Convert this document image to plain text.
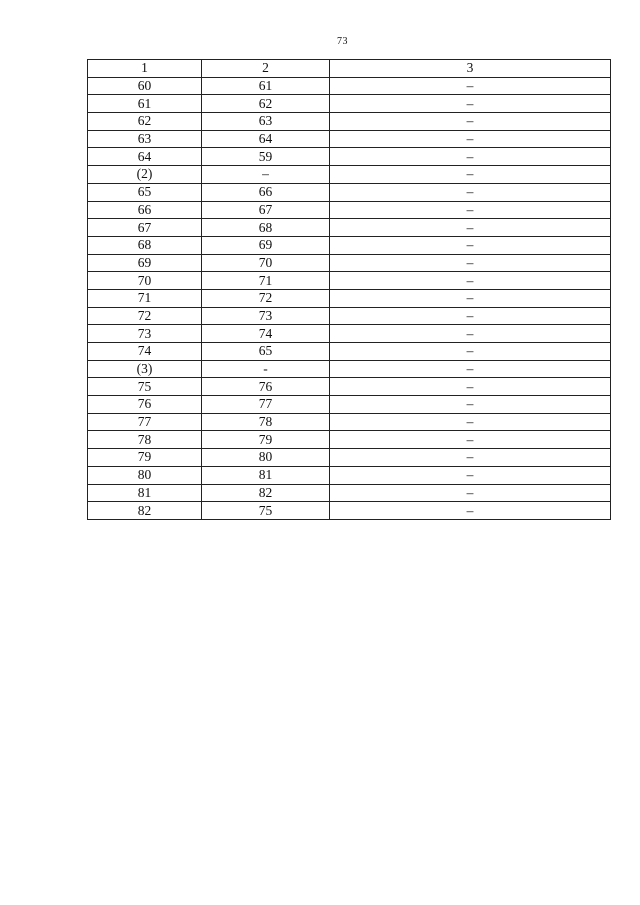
73
1	2	3
60	61	–
61	62	–
62	63	–
63	64	–
64	59	–
(2)	–	–
65	66	–
66	67	–
67	68	–
68	69	–
69	70	–
70	71	–
71	72	–
72	73	–
73	74	–
74	65	–
(3)	-	–
75	76	–
76	77	–
77	78	–
78	79	–
79	80	–
80	81	–
81	82	–
82	75	–
